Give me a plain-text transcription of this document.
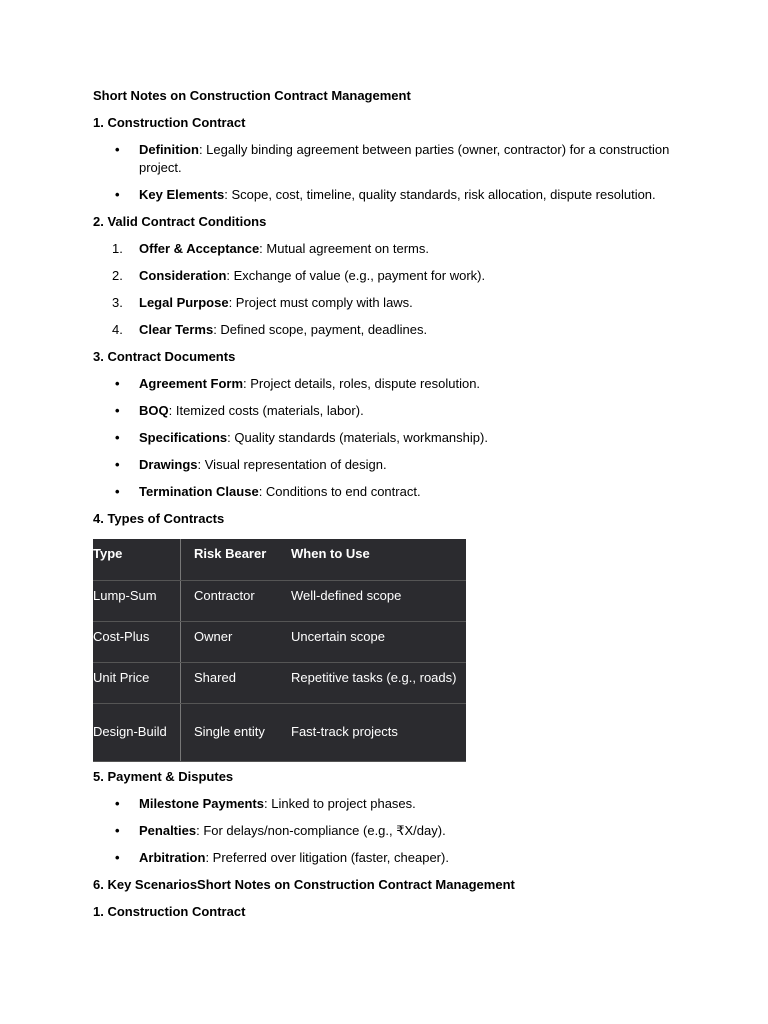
Short Notes on Construction Contract Management

1. Construction Contract

• Definition: Legally binding agreement between parties (owner, contractor) for a construction project.
• Key Elements: Scope, cost, timeline, quality standards, risk allocation, dispute resolution.

2. Valid Contract Conditions

1. Offer & Acceptance: Mutual agreement on terms.
2. Consideration: Exchange of value (e.g., payment for work).
3. Legal Purpose: Project must comply with laws.
4. Clear Terms: Defined scope, payment, deadlines.

3. Contract Documents

• Agreement Form: Project details, roles, dispute resolution.
• BOQ: Itemized costs (materials, labor).
• Specifications: Quality standards (materials, workmanship).
• Drawings: Visual representation of design.
• Termination Clause: Conditions to end contract.

4. Types of Contracts

Type	Risk Bearer	When to Use
Lump-Sum	Contractor	Well-defined scope
Cost-Plus	Owner	Uncertain scope
Unit Price	Shared	Repetitive tasks (e.g., roads)
Design-Build	Single entity	Fast-track projects

5. Payment & Disputes

• Milestone Payments: Linked to project phases.
• Penalties: For delays/non-compliance (e.g., ₹X/day).
• Arbitration: Preferred over litigation (faster, cheaper).

6. Key ScenariosShort Notes on Construction Contract Management

1. Construction Contract
